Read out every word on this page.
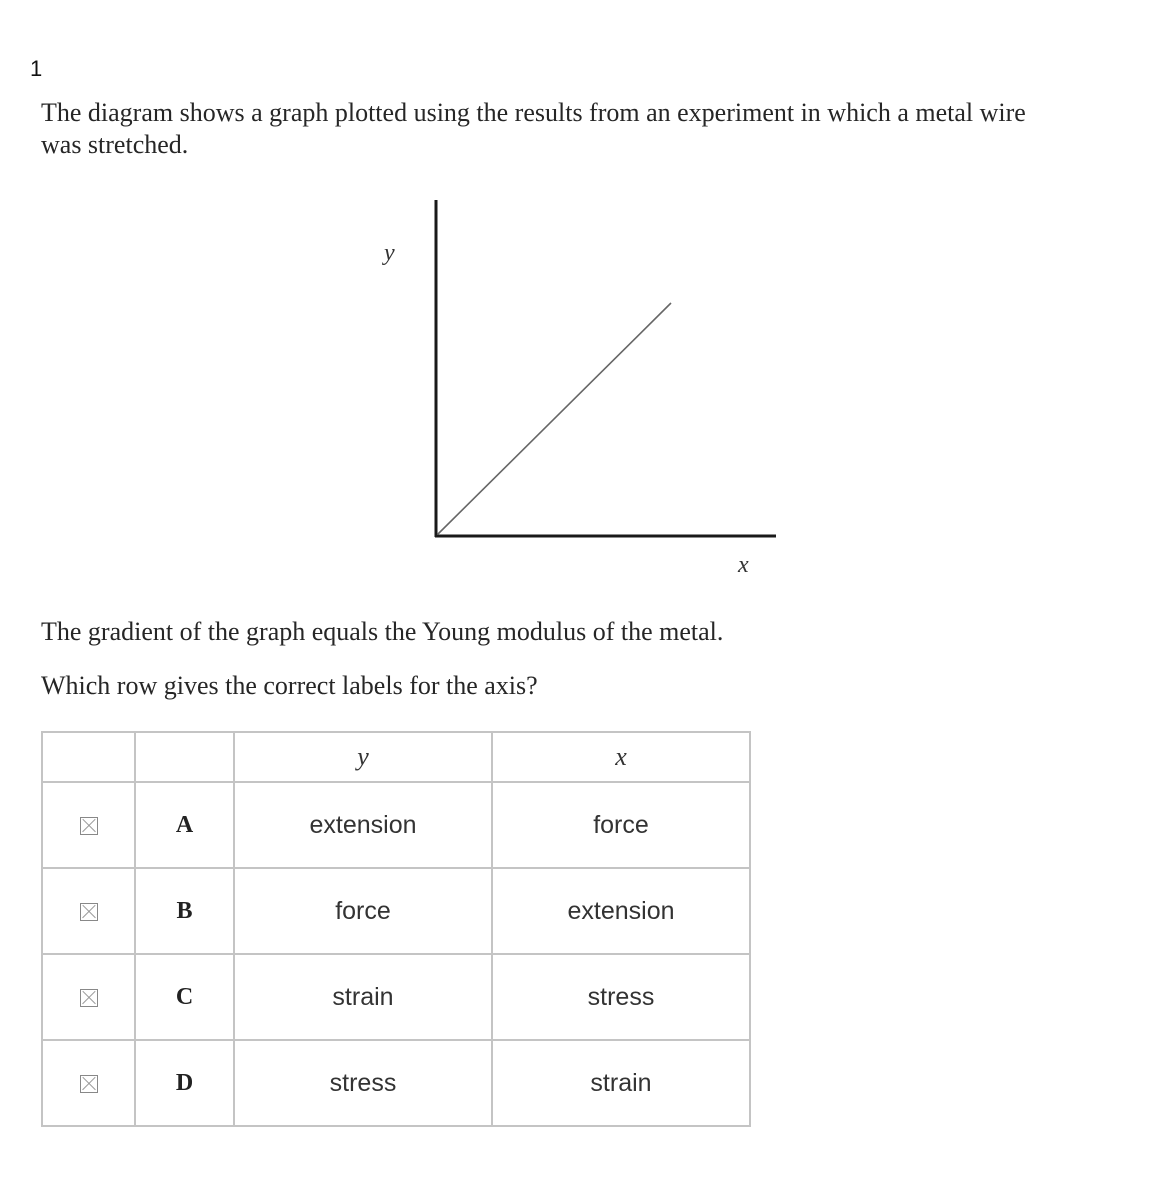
1
The diagram shows a graph plotted using the results from an experiment in which a metal wire was stretched.
y
x
The gradient of the graph equals the Young modulus of the metal.
Which row gives the correct labels for the axis?
		y	x
	A	extension	force
	B	force	extension
	C	strain	stress
	D	stress	strain
